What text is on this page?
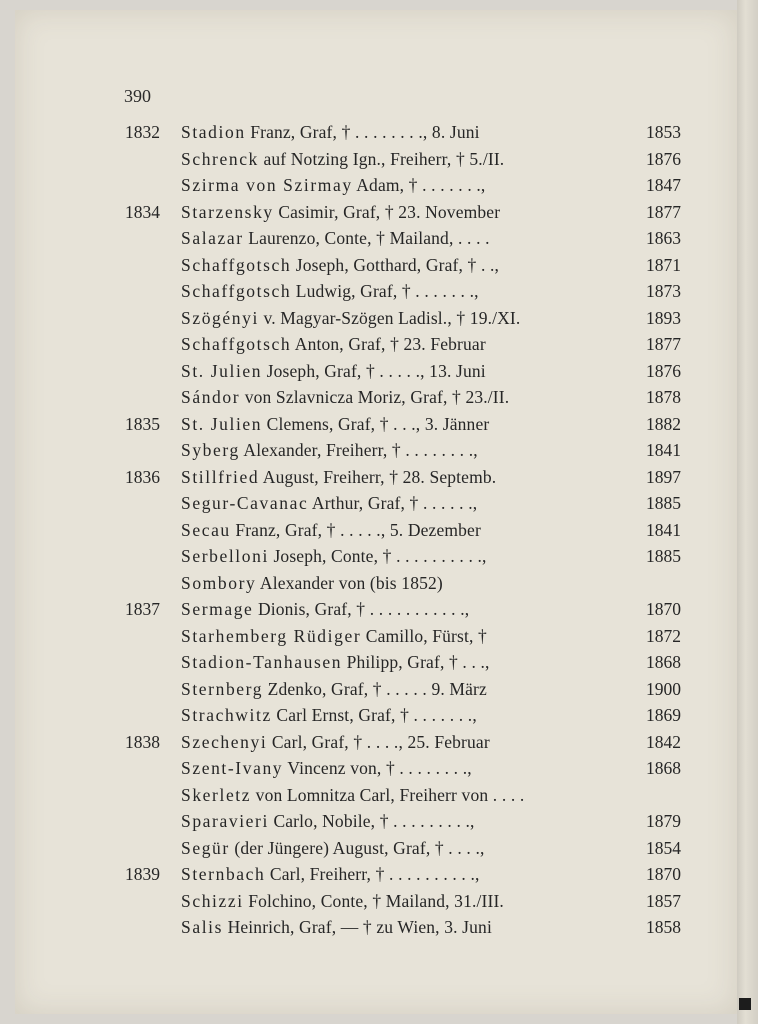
390
1832 Stadion Franz, Graf, † . . . . . . . ., 8. Juni	1853
Schrenck auf Notzing Ign., Freiherr, † 5./II.	1876
Szirma von Szirmay Adam, † . . . . . . .,	1847
1834 Starzensky Casimir, Graf, † 23. November	1877
Salazar Laurenzo, Conte, † Mailand, . . . .	1863
Schaffgotsch Joseph, Gotthard, Graf, † . .,	1871
Schaffgotsch Ludwig, Graf, † . . . . . . .,	1873
Szögényi v. Magyar-Szögen Ladisl., † 19./XI.	1893
Schaffgotsch Anton, Graf, † 23. Februar	1877
St. Julien Joseph, Graf, † . . . . ., 13. Juni	1876
Sándor von Szlavnicza Moriz, Graf, † 23./II.	1878
1835 St. Julien Clemens, Graf, † . . ., 3. Jänner	1882
Syberg Alexander, Freiherr, † . . . . . . . .,	1841
1836 Stillfried August, Freiherr, † 28. Septemb.	1897
Segur-Cavanac Arthur, Graf, † . . . . . .,	1885
Secau Franz, Graf, † . . . . ., 5. Dezember	1841
Serbelloni Joseph, Conte, † . . . . . . . . . .,	1885
Sombory Alexander von (bis 1852)
1837 Sermage Dionis, Graf, † . . . . . . . . . . .,	1870
Starhemberg Rüdiger Camillo, Fürst, †	1872
Stadion-Tanhausen Philipp, Graf, † . . .,	1868
Sternberg Zdenko, Graf, † . . . . . 9. März	1900
Strachwitz Carl Ernst, Graf, † . . . . . . .,	1869
1838 Szechenyi Carl, Graf, † . . . ., 25. Februar	1842
Szent-Ivany Vincenz von, † . . . . . . . .,	1868
Skerletz von Lomnitza Carl, Freiherr von . . . .
Sparavieri Carlo, Nobile, † . . . . . . . . .,	1879
Segür (der Jüngere) August, Graf, † . . . .,	1854
1839 Sternbach Carl, Freiherr, † . . . . . . . . . .,	1870
Schizzi Folchino, Conte, † Mailand, 31./III.	1857
Salis Heinrich, Graf, — † zu Wien, 3. Juni	1858
